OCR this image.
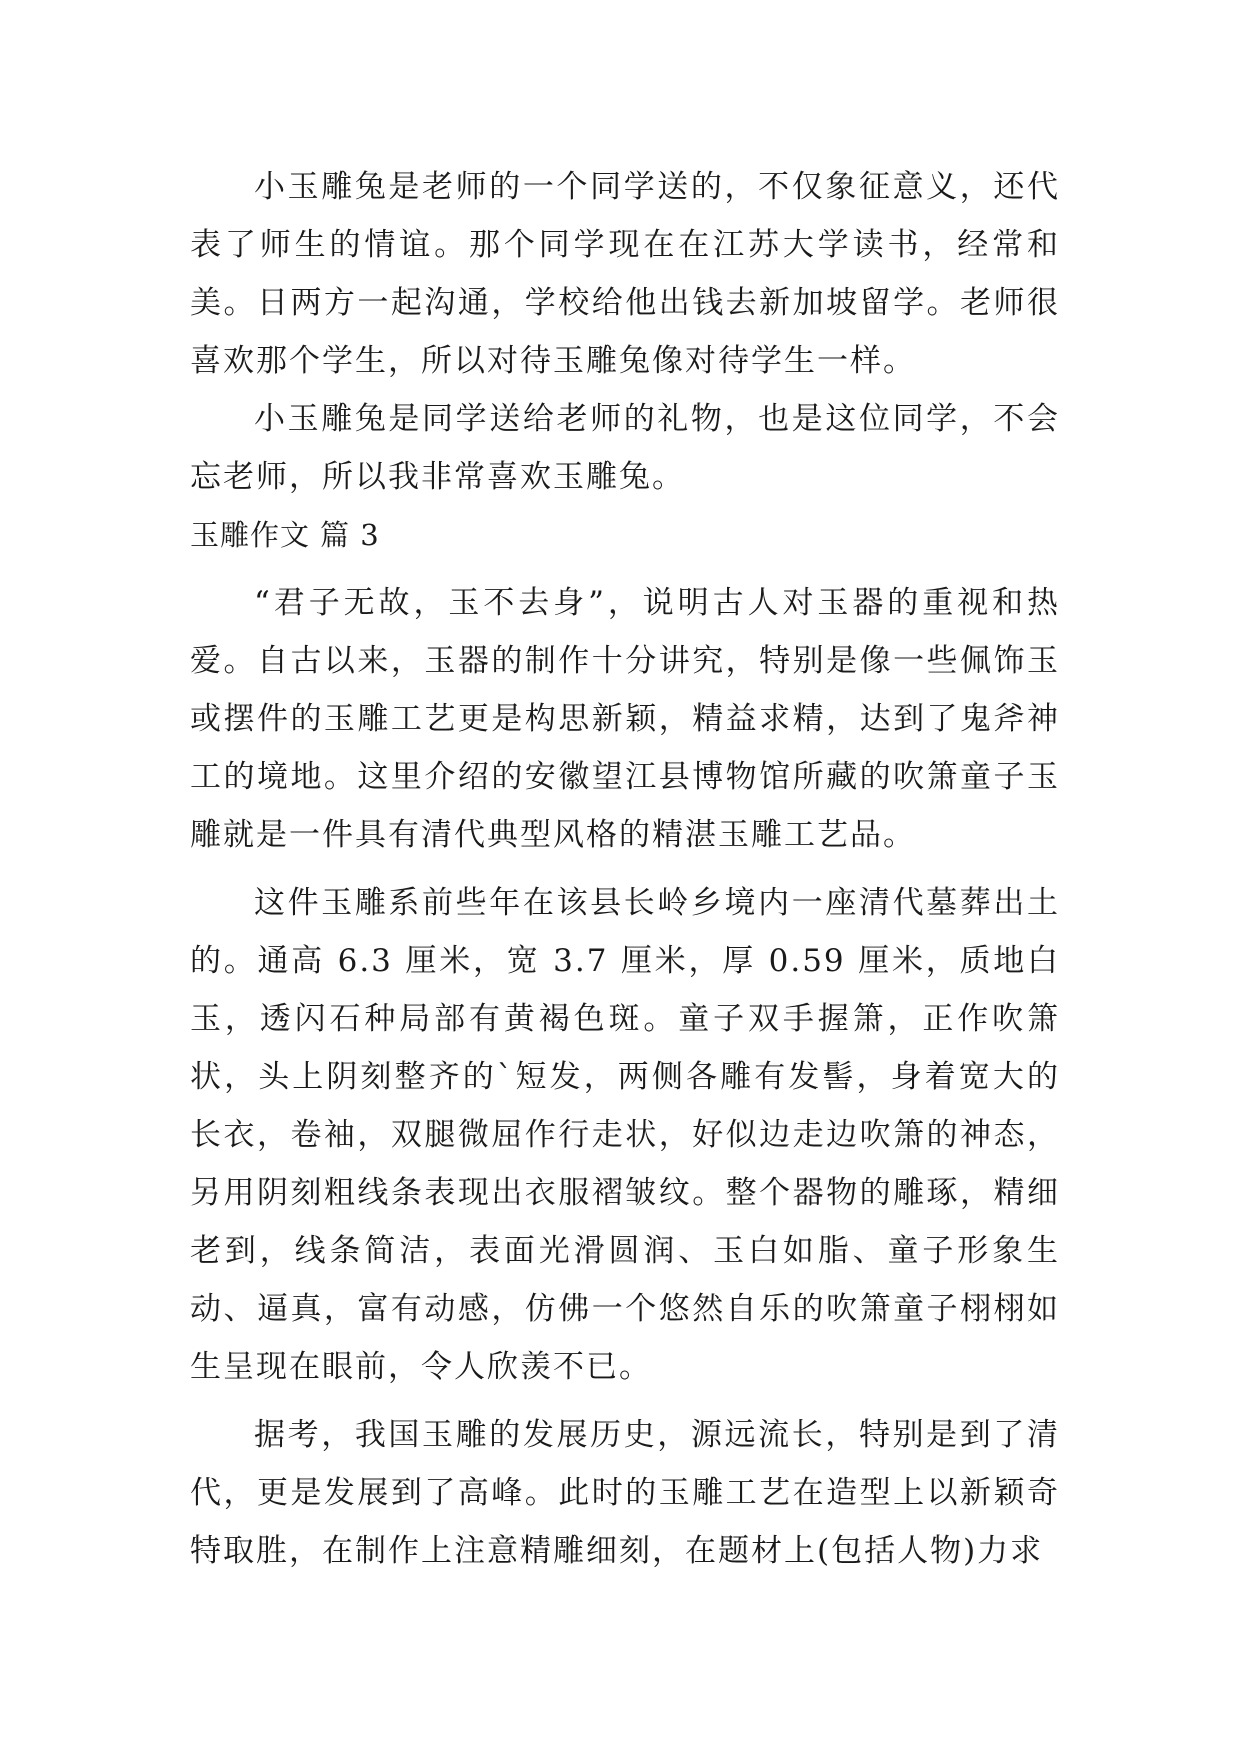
小玉雕兔是老师的一个同学送的，不仅象征意义，还代表了师生的情谊。那个同学现在在江苏大学读书，经常和美。日两方一起沟通，学校给他出钱去新加坡留学。老师很喜欢那个学生，所以对待玉雕兔像对待学生一样。

小玉雕兔是同学送给老师的礼物，也是这位同学，不会忘老师，所以我非常喜欢玉雕兔。

玉雕作文 篇 3

“君子无故，玉不去身”，说明古人对玉器的重视和热爱。自古以来，玉器的制作十分讲究，特别是像一些佩饰玉或摆件的玉雕工艺更是构思新颖，精益求精，达到了鬼斧神工的境地。这里介绍的安徽望江县博物馆所藏的吹箫童子玉雕就是一件具有清代典型风格的精湛玉雕工艺品。

这件玉雕系前些年在该县长岭乡境内一座清代墓葬出土的。通高 6.3 厘米，宽 3.7 厘米，厚 0.59 厘米，质地白玉，透闪石种局部有黄褐色斑。童子双手握箫，正作吹箫状，头上阴刻整齐的`短发，两侧各雕有发髻，身着宽大的长衣，卷袖，双腿微屈作行走状，好似边走边吹箫的神态，另用阴刻粗线条表现出衣服褶皱纹。整个器物的雕琢，精细老到，线条简洁，表面光滑圆润、玉白如脂、童子形象生动、逼真，富有动感，仿佛一个悠然自乐的吹箫童子栩栩如生呈现在眼前，令人欣羡不已。

据考，我国玉雕的发展历史，源远流长，特别是到了清代，更是发展到了高峰。此时的玉雕工艺在造型上以新颖奇特取胜，在制作上注意精雕细刻，在题材上(包括人物)力求
